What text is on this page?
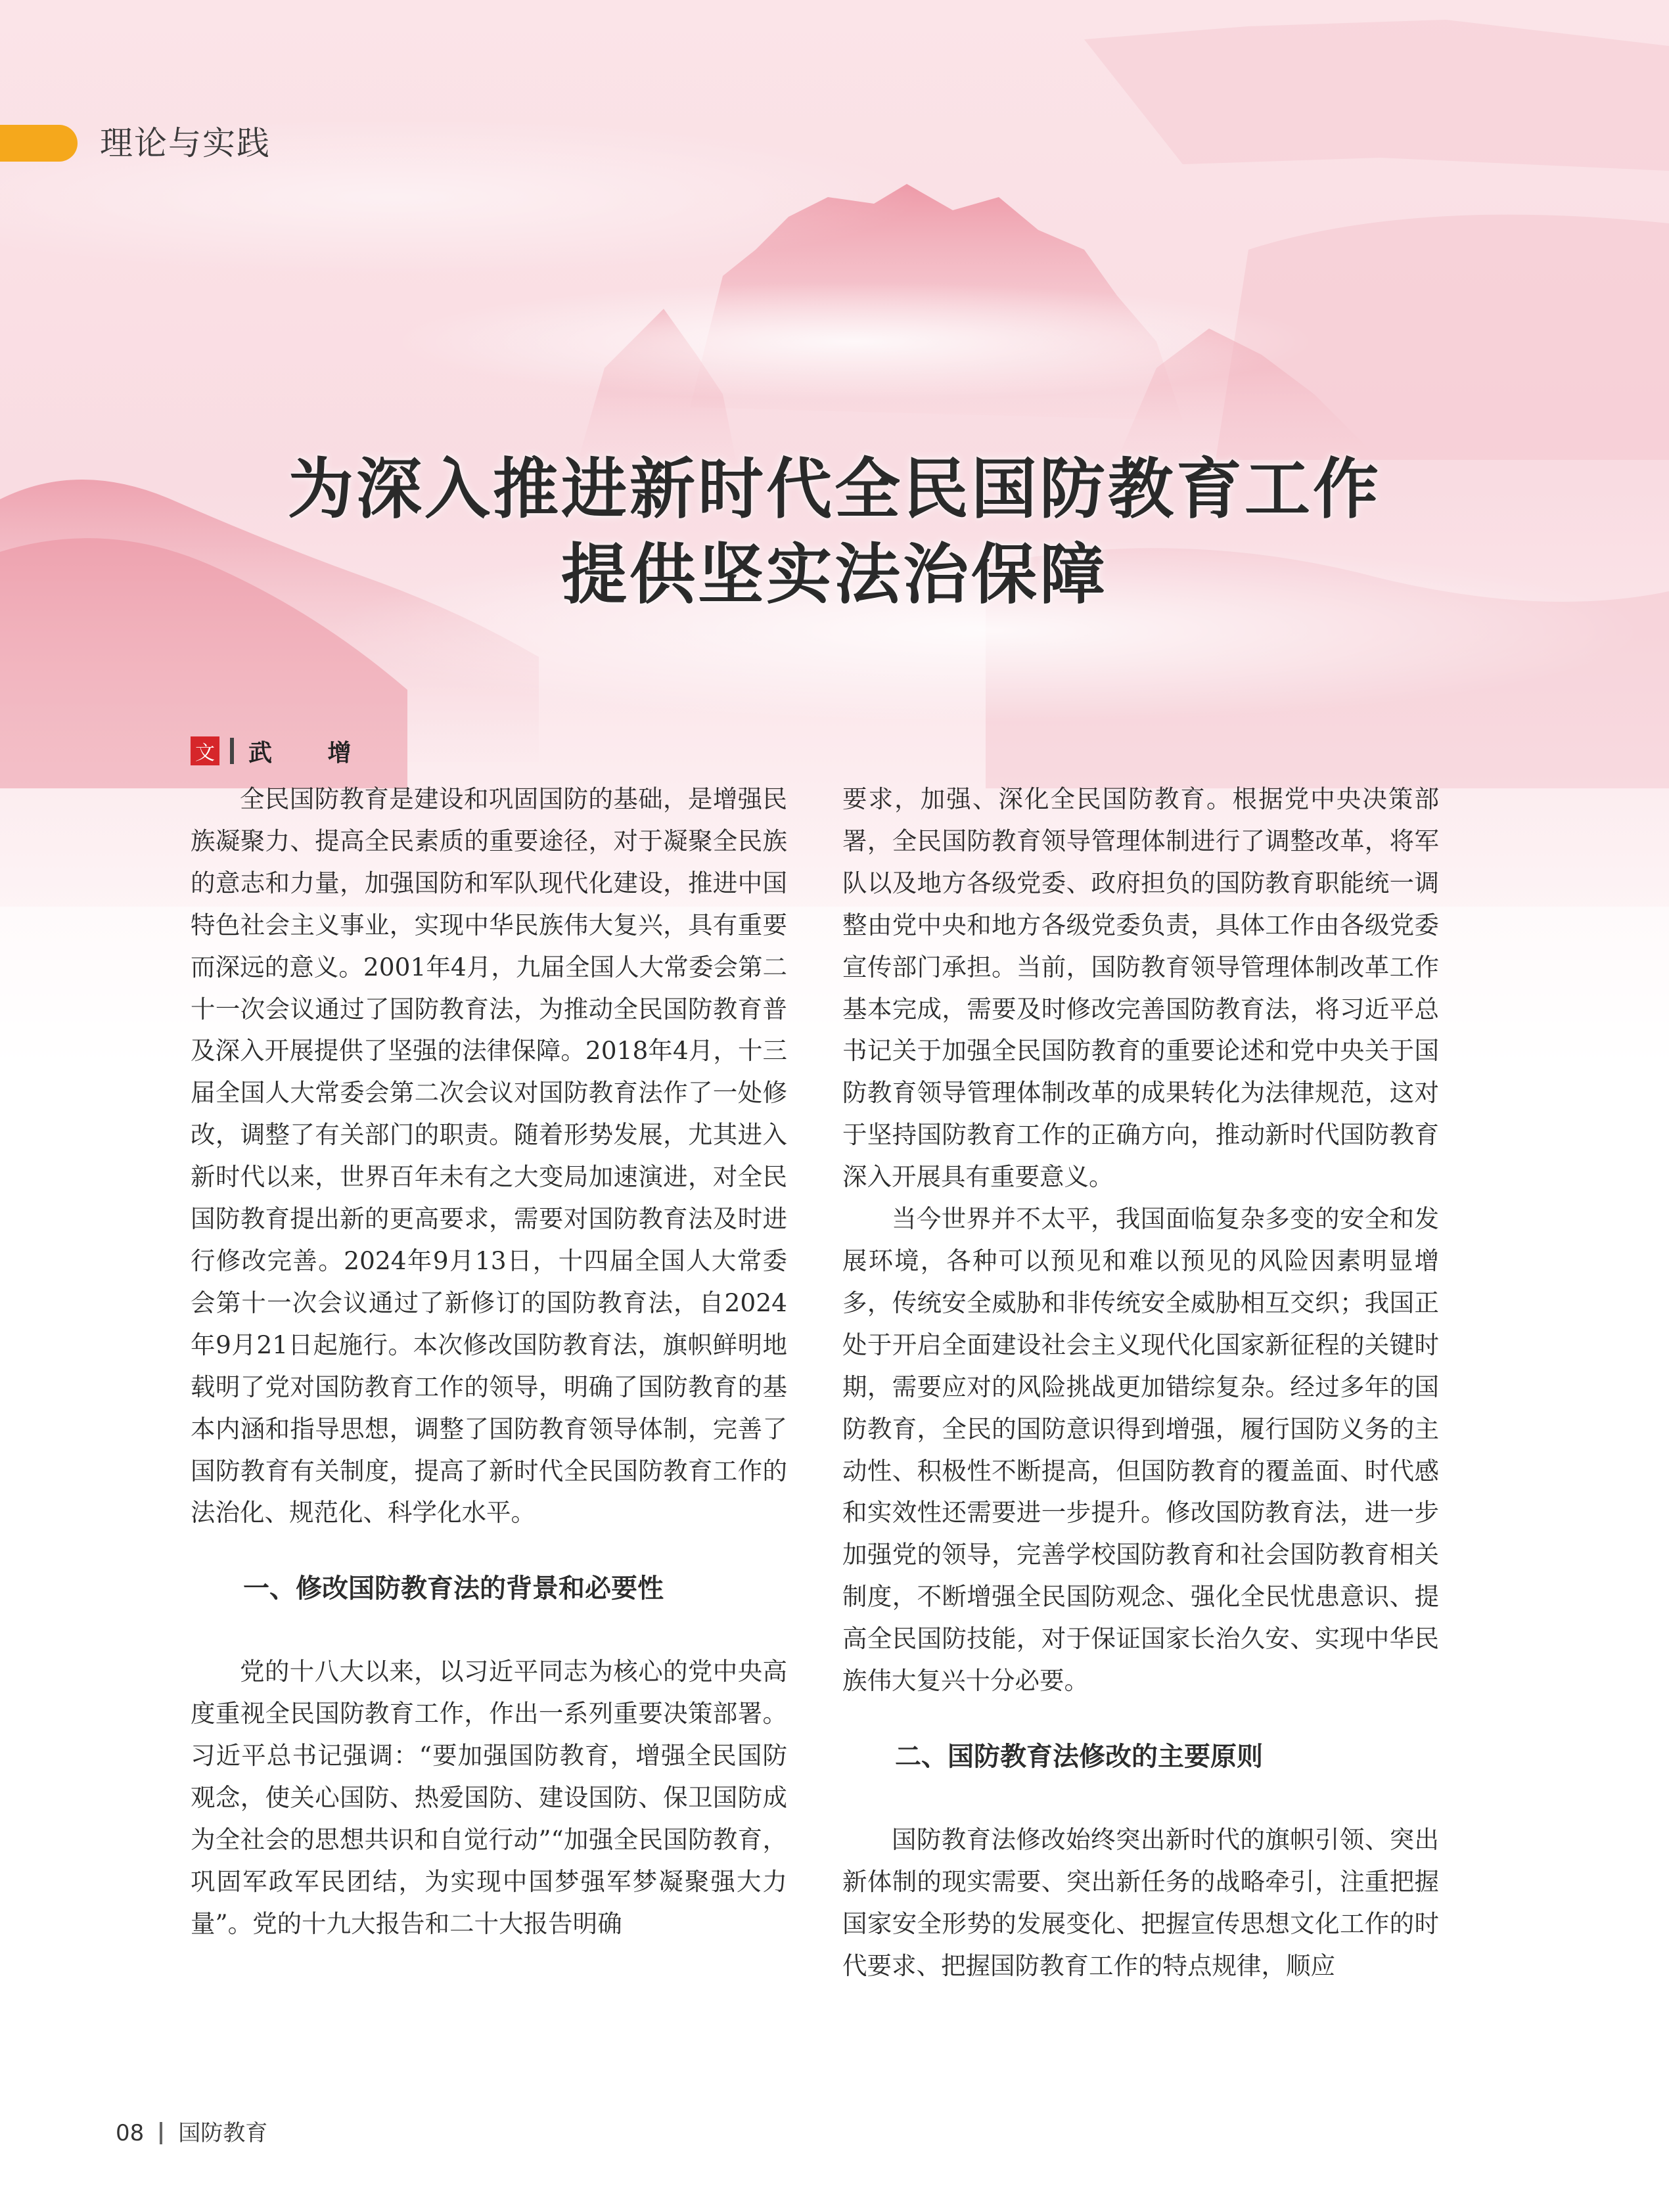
理论与实践
为深入推进新时代全民国防教育工作
提供坚实法治保障
文 武 增

全民国防教育是建设和巩固国防的基础，是增强民族凝聚力、提高全民素质的重要途径，对于凝聚全民族的意志和力量，加强国防和军队现代化建设，推进中国特色社会主义事业，实现中华民族伟大复兴，具有重要而深远的意义。2001年4月，九届全国人大常委会第二十一次会议通过了国防教育法，为推动全民国防教育普及深入开展提供了坚强的法律保障。2018年4月，十三届全国人大常委会第二次会议对国防教育法作了一处修改，调整了有关部门的职责。随着形势发展，尤其进入新时代以来，世界百年未有之大变局加速演进，对全民国防教育提出新的更高要求，需要对国防教育法及时进行修改完善。2024年9月13日，十四届全国人大常委会第十一次会议通过了新修订的国防教育法，自2024年9月21日起施行。本次修改国防教育法，旗帜鲜明地载明了党对国防教育工作的领导，明确了国防教育的基本内涵和指导思想，调整了国防教育领导体制，完善了国防教育有关制度，提高了新时代全民国防教育工作的法治化、规范化、科学化水平。

一、修改国防教育法的背景和必要性

党的十八大以来，以习近平同志为核心的党中央高度重视全民国防教育工作，作出一系列重要决策部署。习近平总书记强调：“要加强国防教育，增强全民国防观念，使关心国防、热爱国防、建设国防、保卫国防成为全社会的思想共识和自觉行动”“加强全民国防教育，巩固军政军民团结，为实现中国梦强军梦凝聚强大力量”。党的十九大报告和二十大报告明确

要求，加强、深化全民国防教育。根据党中央决策部署，全民国防教育领导管理体制进行了调整改革，将军队以及地方各级党委、政府担负的国防教育职能统一调整由党中央和地方各级党委负责，具体工作由各级党委宣传部门承担。当前，国防教育领导管理体制改革工作基本完成，需要及时修改完善国防教育法，将习近平总书记关于加强全民国防教育的重要论述和党中央关于国防教育领导管理体制改革的成果转化为法律规范，这对于坚持国防教育工作的正确方向，推动新时代国防教育深入开展具有重要意义。

当今世界并不太平，我国面临复杂多变的安全和发展环境，各种可以预见和难以预见的风险因素明显增多，传统安全威胁和非传统安全威胁相互交织；我国正处于开启全面建设社会主义现代化国家新征程的关键时期，需要应对的风险挑战更加错综复杂。经过多年的国防教育，全民的国防意识得到增强，履行国防义务的主动性、积极性不断提高，但国防教育的覆盖面、时代感和实效性还需要进一步提升。修改国防教育法，进一步加强党的领导，完善学校国防教育和社会国防教育相关制度，不断增强全民国防观念、强化全民忧患意识、提高全民国防技能，对于保证国家长治久安、实现中华民族伟大复兴十分必要。

二、国防教育法修改的主要原则

国防教育法修改始终突出新时代的旗帜引领、突出新体制的现实需要、突出新任务的战略牵引，注重把握国家安全形势的发展变化、把握宣传思想文化工作的时代要求、把握国防教育工作的特点规律，顺应

08 国防教育
